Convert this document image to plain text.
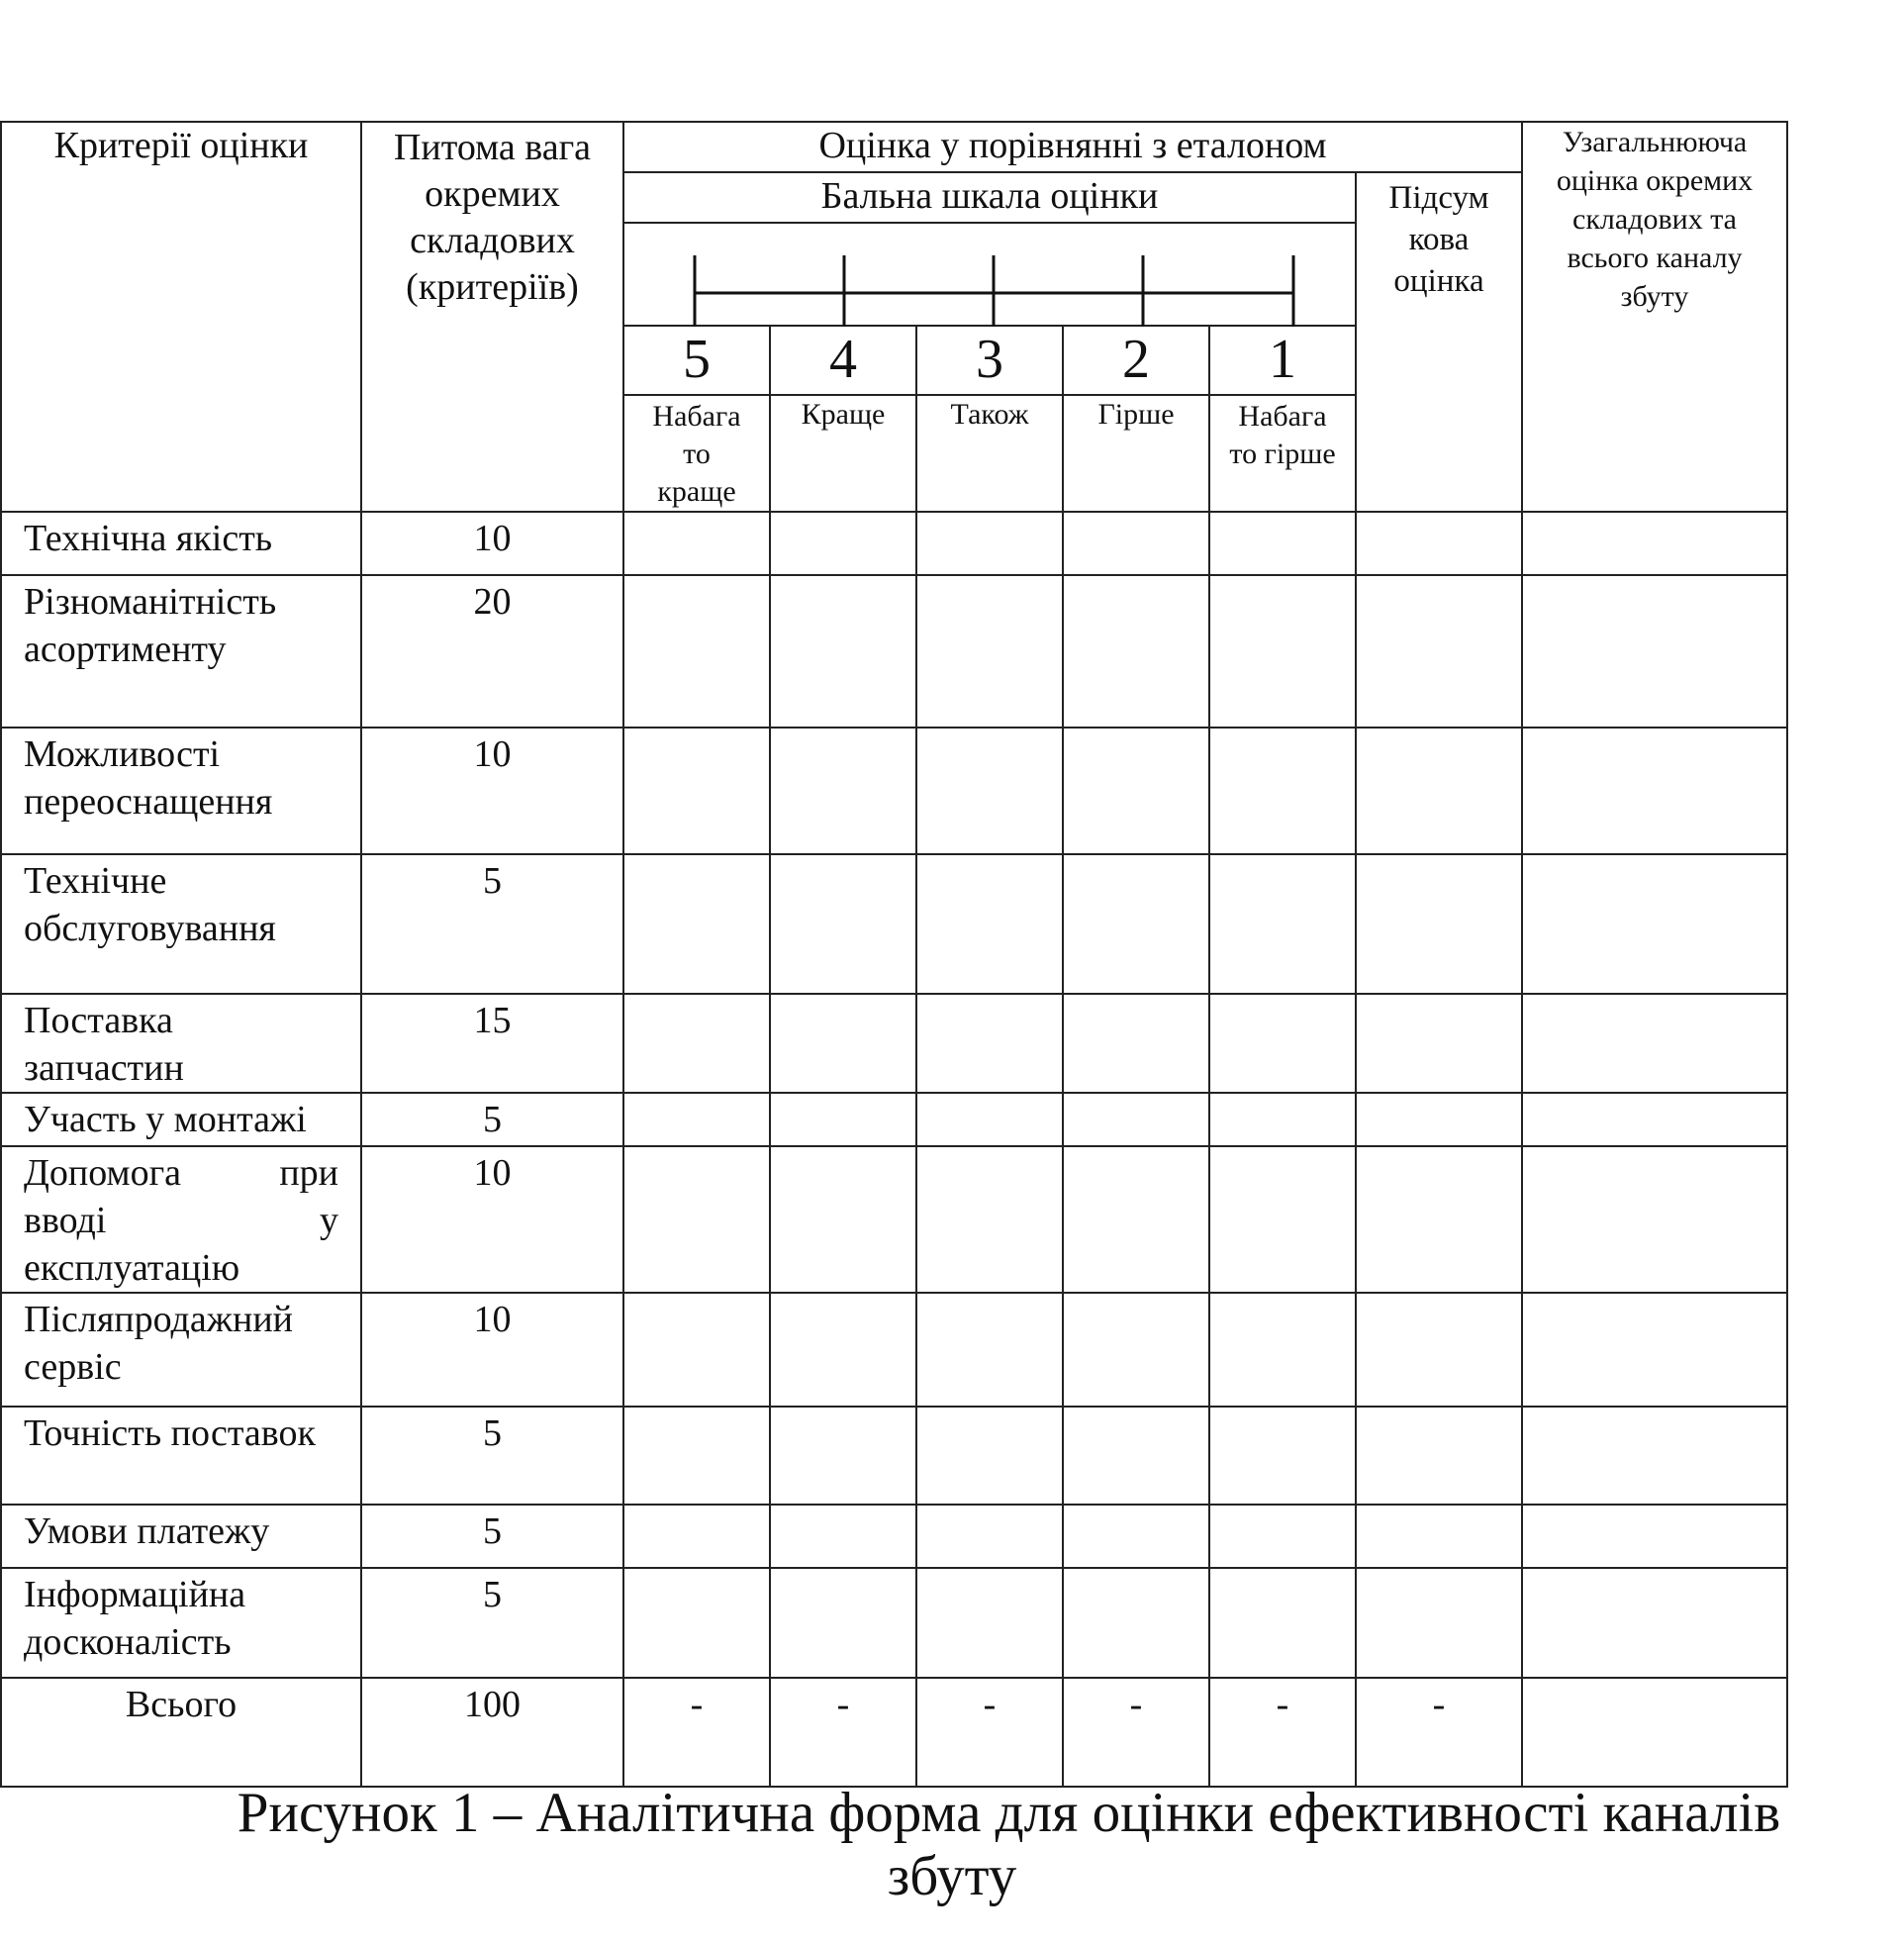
Критерії оцінки	Питома вага окремих складових (критеріїв)	Оцінка у порівнянні з еталоном						Узагальнююча оцінка окремих складових та всього каналу збуту
		Бальна шкала оцінки					Підсум кова оцінка	

		5	4	3	2	1		
		Набага то краще	Краще	Також	Гірше	Набага то гірше		
Технічна якість	10							
Різноманітність асортименту	20							
Можливості переоснащення	10							
Технічне обслуговування	5							
Поставка запчастин	15							
Участь у монтажі	5							
Допомога при вводі у експлуатацію	10							
Післяпродажний сервіс	10							
Точність поставок	5							
Умови платежу	5							
Інформаційна досконаліcть	5							
Всього	100	-	-	-	-	-	-	
Рисунок 1 – Аналітична форма для оцінки ефективності каналів
збуту
